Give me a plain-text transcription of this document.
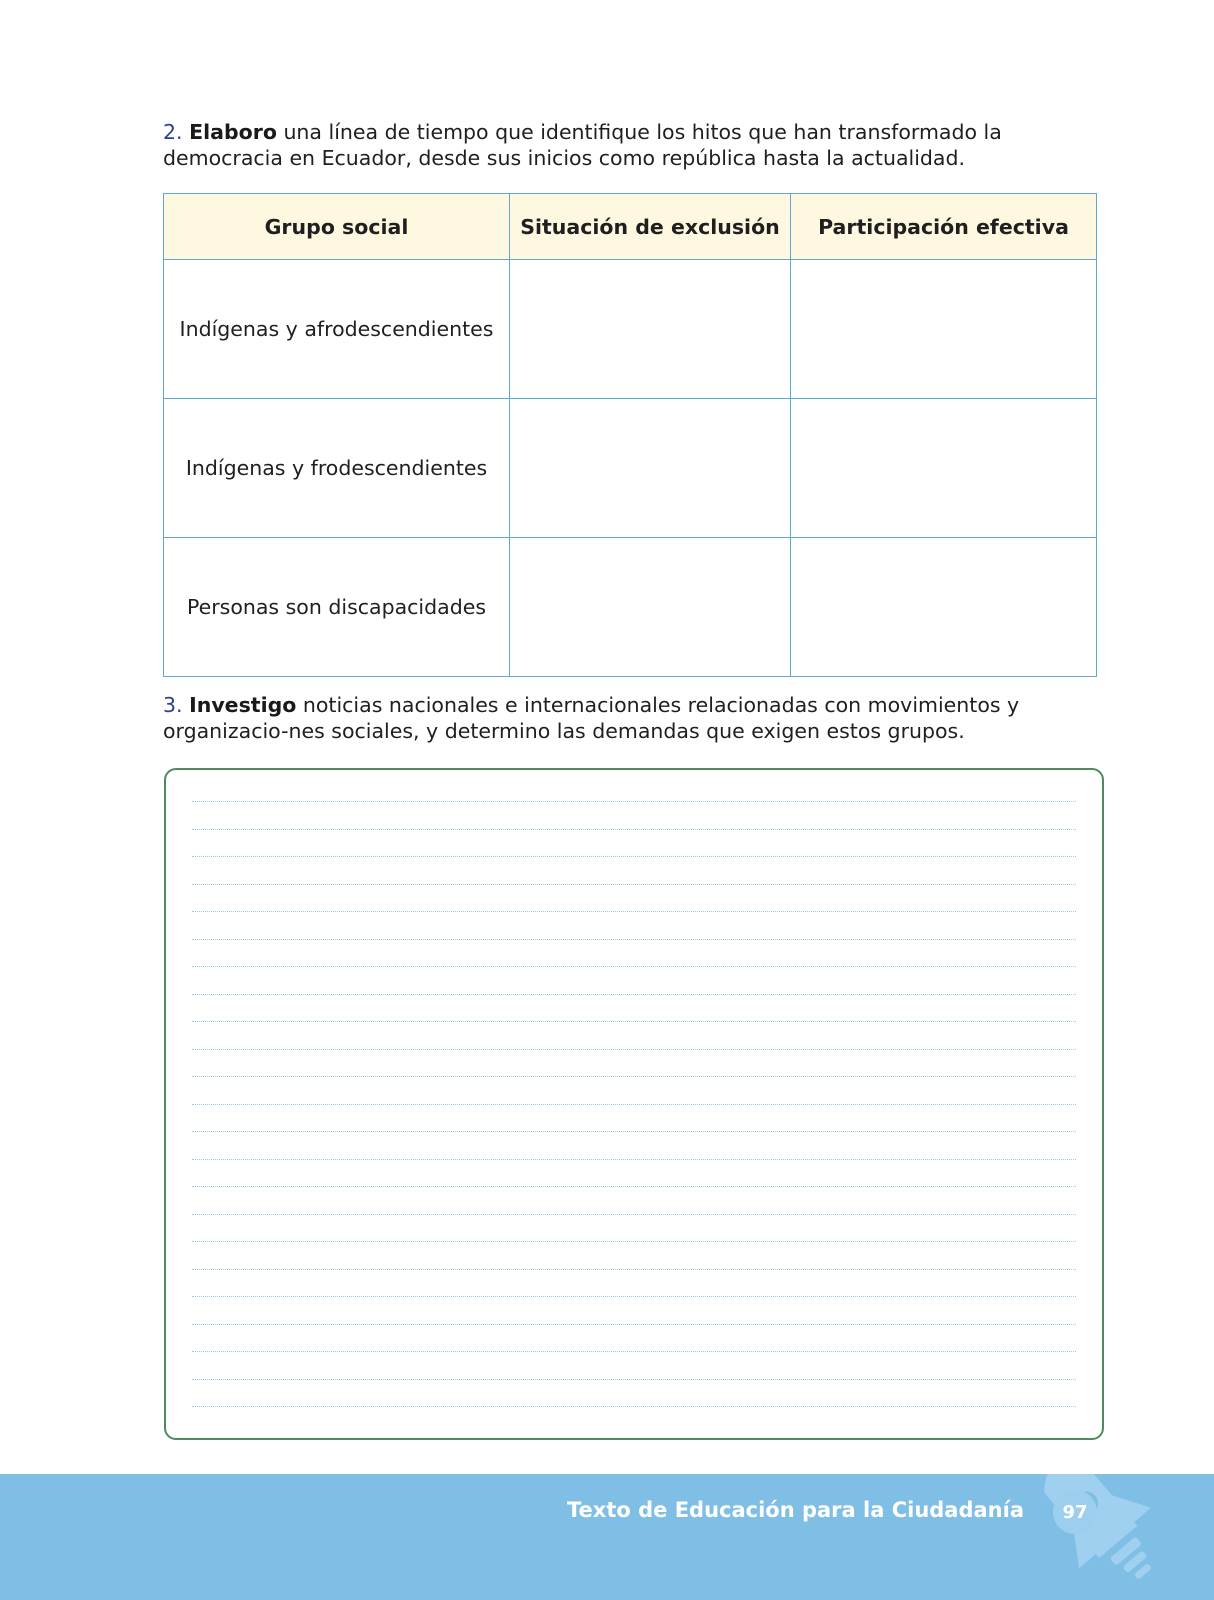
2. Elaboro una línea de tiempo que identifique los hitos que han transformado la democracia en Ecuador, desde sus inicios como república hasta la actualidad.
Grupo social	Situación de exclusión	Participación efectiva
Indígenas y afrodescendientes		
Indígenas y frodescendientes		
Personas son discapacidades		
3. Investigo noticias nacionales e internacionales relacionadas con movimientos y organizacio-nes sociales, y determino las demandas que exigen estos grupos.
Texto de Educación para la Ciudadanía	97
